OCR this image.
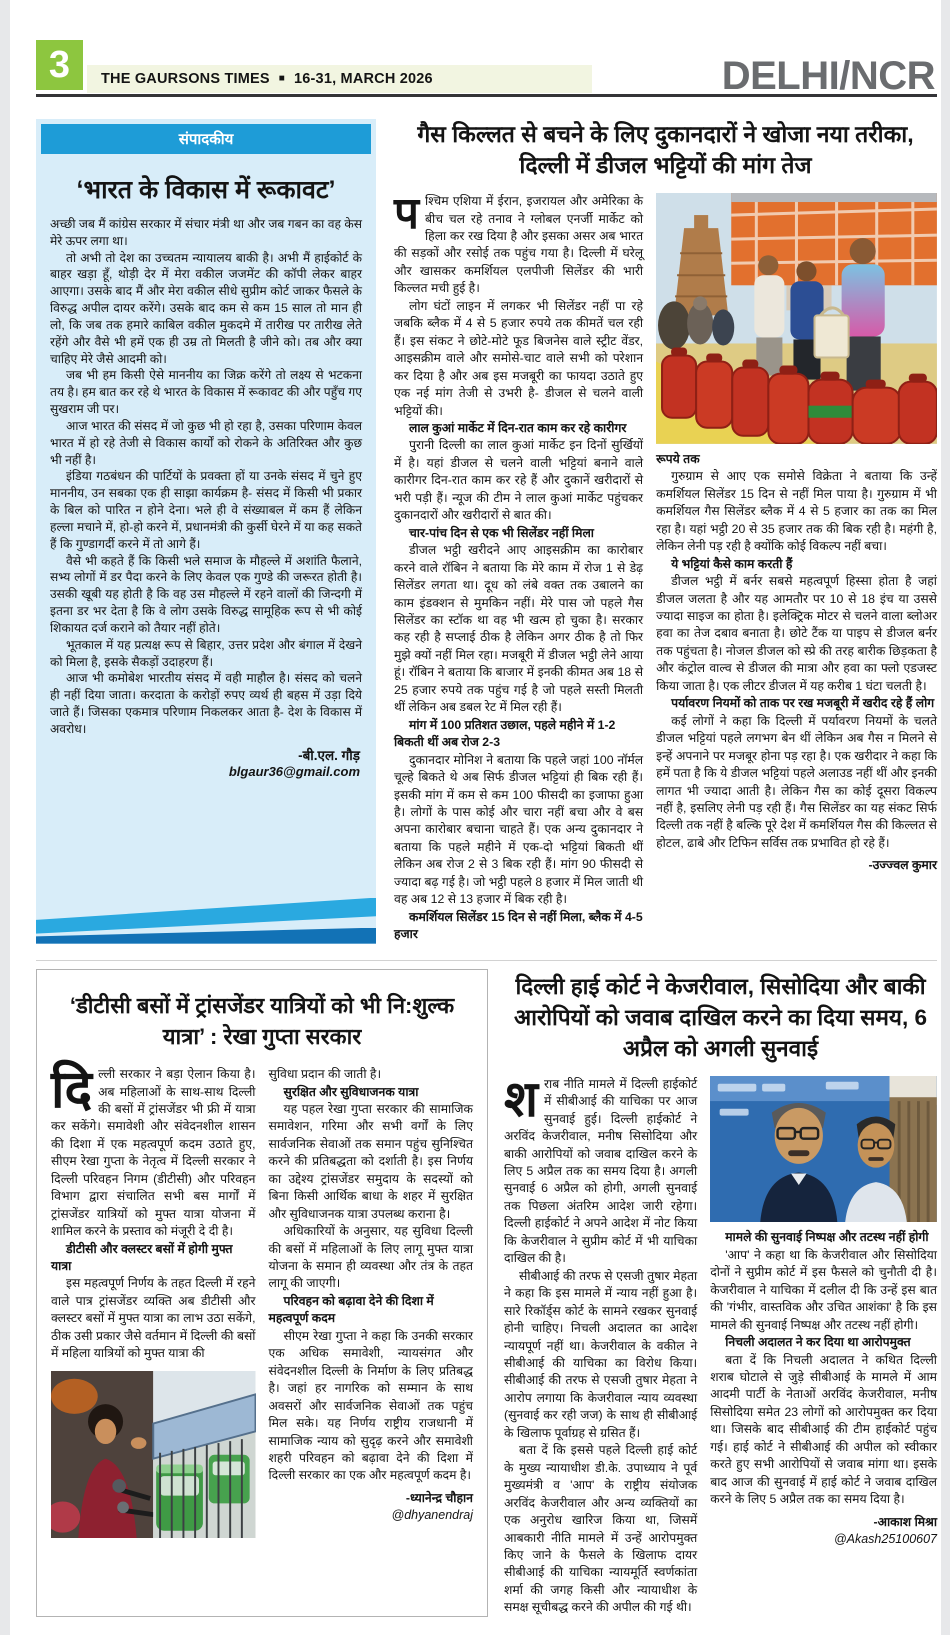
3	THE GAURSONS TIMES ■ 16-31, MARCH 2026	DELHI/NCR
संपादकीय
‘भारत के विकास में रूकावट’

अच्छी जब मैं कांग्रेस सरकार में संचार मंत्री था और जब गबन का वह केस मेरे ऊपर लगा था।

तो अभी तो देश का उच्चतम न्यायालय बाकी है। अभी मैं हाईकोर्ट के बाहर खड़ा हूँ, थोड़ी देर में मेरा वकील जजमेंट की कॉपी लेकर बाहर आएगा। उसके बाद मैं और मेरा वकील सीधे सुप्रीम कोर्ट जाकर फैसले के विरुद्ध अपील दायर करेंगे। उसके बाद कम से कम 15 साल तो मान ही लो, कि जब तक हमारे काबिल वकील मुकदमे में तारीख पर तारीख लेते रहेंगे और वैसे भी हमें एक ही उम्र तो मिलती है जीने को। तब और क्या चाहिए मेरे जैसे आदमी को।

जब भी हम किसी ऐसे माननीय का जिक्र करेंगे तो लक्ष्य से भटकना तय है। हम बात कर रहे थे भारत के विकास में रूकावट की और पहुँच गए सुखराम जी पर।

आज भारत की संसद में जो कुछ भी हो रहा है, उसका परिणाम केवल भारत में हो रहे तेजी से विकास कार्यों को रोकने के अतिरिक्त और कुछ भी नहीं है।

इंडिया गठबंधन की पार्टियों के प्रवक्ता हों या उनके संसद में चुने हुए माननीय, उन सबका एक ही साझा कार्यक्रम है- संसद में किसी भी प्रकार के बिल को पारित न होने देना। भले ही वे संख्याबल में कम हैं लेकिन हल्ला मचाने में, हो-हो करने में, प्रधानमंत्री की कुर्सी घेरने में या कह सकते हैं कि गुण्डागर्दी करने में तो आगे हैं।

वैसे भी कहते हैं कि किसी भले समाज के मौहल्ले में अशांति फैलाने, सभ्य लोगों में डर पैदा करने के लिए केवल एक गुण्डे की जरूरत होती है। उसकी खूबी यह होती है कि वह उस मौहल्ले में रहने वालों की जिन्दगी में इतना डर भर देता है कि वे लोग उसके विरुद्ध सामूहिक रूप से भी कोई शिकायत दर्ज कराने को तैयार नहीं होते।

भूतकाल में यह प्रत्यक्ष रूप से बिहार, उत्तर प्रदेश और बंगाल में देखने को मिला है, इसके सैकड़ों उदाहरण हैं।

आज भी कमोबेश भारतीय संसद में वही माहौल है। संसद को चलने ही नहीं दिया जाता। करदाता के करोड़ों रुपए व्यर्थ ही बहस में उड़ा दिये जाते हैं। जिसका एकमात्र परिणाम निकलकर आता है- देश के विकास में अवरोध।

-बी.एल. गौड़
blgaur36@gmail.com
गैस किल्लत से बचने के लिए दुकानदारों ने खोजा नया तरीका, दिल्ली में डीजल भट्टियों की मांग तेज

पश्चिम एशिया में ईरान, इजरायल और अमेरिका के बीच चल रहे तनाव ने ग्लोबल एनर्जी मार्केट को हिला कर रख दिया है और इसका असर अब भारत की सड़कों और रसोई तक पहुंच गया है। दिल्ली में घरेलू और खासकर कमर्शियल एलपीजी सिलेंडर की भारी किल्लत मची हुई है।

लोग घंटों लाइन में लगकर भी सिलेंडर नहीं पा रहे जबकि ब्लैक में 4 से 5 हजार रुपये तक कीमतें चल रही हैं। इस संकट ने छोटे-मोटे फूड बिजनेस वाले स्ट्रीट वेंडर, आइसक्रीम वाले और समोसे-चाट वाले सभी को परेशान कर दिया है और अब इस मजबूरी का फायदा उठाते हुए एक नई मांग तेजी से उभरी है- डीजल से चलने वाली भट्टियों की।

लाल कुआं मार्केट में दिन-रात काम कर रहे कारीगर

पुरानी दिल्ली का लाल कुआं मार्केट इन दिनों सुर्खियों में है। यहां डीजल से चलने वाली भट्टियां बनाने वाले कारीगर दिन-रात काम कर रहे हैं और दुकानें खरीदारों से भरी पड़ी हैं। न्यूज की टीम ने लाल कुआं मार्केट पहुंचकर दुकानदारों और खरीदारों से बात की।

चार-पांच दिन से एक भी सिलेंडर नहीं मिला

डीजल भट्ठी खरीदने आए आइसक्रीम का कारोबार करने वाले रॉबिन ने बताया कि मेरे काम में रोज 1 से डेढ़ सिलेंडर लगता था। दूध को लंबे वक्त तक उबालने का काम इंडक्शन से मुमकिन नहीं। मेरे पास जो पहले गैस सिलेंडर का स्टॉक था वह भी खत्म हो चुका है। सरकार कह रही है सप्लाई ठीक है लेकिन अगर ठीक है तो फिर मुझे क्यों नहीं मिल रहा। मजबूरी में डीजल भट्ठी लेने आया हूं। रॉबिन ने बताया कि बाजार में इनकी कीमत अब 18 से 25 हजार रुपये तक पहुंच गई है जो पहले सस्ती मिलती थीं लेकिन अब डबल रेट में मिल रही हैं।

मांग में 100 प्रतिशत उछाल, पहले महीने में 1-2 बिकती थीं अब रोज 2-3

दुकानदार मोनिश ने बताया कि पहले जहां 100 नॉर्मल चूल्हे बिकते थे अब सिर्फ डीजल भट्टियां ही बिक रही हैं। इसकी मांग में कम से कम 100 फीसदी का इजाफा हुआ है। लोगों के पास कोई और चारा नहीं बचा और वे बस अपना कारोबार बचाना चाहते हैं। एक अन्य दुकानदार ने बताया कि पहले महीने में एक-दो भट्टियां बिकती थीं लेकिन अब रोज 2 से 3 बिक रही हैं। मांग 90 फीसदी से ज्यादा बढ़ गई है। जो भट्ठी पहले 8 हजार में मिल जाती थी वह अब 12 से 13 हजार में बिक रही है।

कमर्शियल सिलेंडर 15 दिन से नहीं मिला, ब्लैक में 4-5 हजार

रूपये तक

गुरुग्राम से आए एक समोसे विक्रेता ने बताया कि उन्हें कमर्शियल सिलेंडर 15 दिन से नहीं मिल पाया है। गुरुग्राम में भी कमर्शियल गैस सिलेंडर ब्लैक में 4 से 5 हजार का तक का मिल रहा है। यहां भट्ठी 20 से 35 हजार तक की बिक रही है। महंगी है, लेकिन लेनी पड़ रही है क्योंकि कोई विकल्प नहीं बचा।

ये भट्टियां कैसे काम करती हैं

डीजल भट्ठी में बर्नर सबसे महत्वपूर्ण हिस्सा होता है जहां डीजल जलता है और यह आमतौर पर 10 से 18 इंच या उससे ज्यादा साइज का होता है। इलेक्ट्रिक मोटर से चलने वाला ब्लोअर हवा का तेज दबाव बनाता है। छोटे टैंक या पाइप से डीजल बर्नर तक पहुंचता है। नोजल डीजल को स्प्रे की तरह बारीक छिड़कता है और कंट्रोल वाल्व से डीजल की मात्रा और हवा का फ्लो एडजस्ट किया जाता है। एक लीटर डीजल में यह करीब 1 घंटा चलती है।

पर्यावरण नियमों को ताक पर रख मजबूरी में खरीद रहे हैं लोग

कई लोगों ने कहा कि दिल्ली में पर्यावरण नियमों के चलते डीजल भट्टियां पहले लगभग बेन थीं लेकिन अब गैस न मिलने से इन्हें अपनाने पर मजबूर होना पड़ रहा है। एक खरीदार ने कहा कि हमें पता है कि ये डीजल भट्टियां पहले अलाउड नहीं थीं और इनकी लागत भी ज्यादा आती है। लेकिन गैस का कोई दूसरा विकल्प नहीं है, इसलिए लेनी पड़ रही हैं। गैस सिलेंडर का यह संकट सिर्फ दिल्ली तक नहीं है बल्कि पूरे देश में कमर्शियल गैस की किल्लत से होटल, ढाबे और टिफिन सर्विस तक प्रभावित हो रहे हैं।

-उज्ज्वल कुमार
‘डीटीसी बसों में ट्रांसजेंडर यात्रियों को भी नि:शुल्क यात्रा’ : रेखा गुप्ता सरकार

दिल्ली सरकार ने बड़ा ऐलान किया है। अब महिलाओं के साथ-साथ दिल्ली की बसों में ट्रांसजेंडर भी फ्री में यात्रा कर सकेंगे। समावेशी और संवेदनशील शासन की दिशा में एक महत्वपूर्ण कदम उठाते हुए, सीएम रेखा गुप्ता के नेतृत्व में दिल्ली सरकार ने दिल्ली परिवहन निगम (डीटीसी) और परिवहन विभाग द्वारा संचालित सभी बस मार्गों में ट्रांसजेंडर यात्रियों को मुफ्त यात्रा योजना में शामिल करने के प्रस्ताव को मंजूरी दे दी है।

डीटीसी और क्लस्टर बसों में होगी मुफ्त यात्रा

इस महत्वपूर्ण निर्णय के तहत दिल्ली में रहने वाले पात्र ट्रांसजेंडर व्यक्ति अब डीटीसी और क्लस्टर बसों में मुफ्त यात्रा का लाभ उठा सकेंगे, ठीक उसी प्रकार जैसे वर्तमान में दिल्ली की बसों में महिला यात्रियों को मुफ्त यात्रा की

सुविधा प्रदान की जाती है।

सुरक्षित और सुविधाजनक यात्रा

यह पहल रेखा गुप्ता सरकार की सामाजिक समावेशन, गरिमा और सभी वर्गों के लिए सार्वजनिक सेवाओं तक समान पहुंच सुनिश्चित करने की प्रतिबद्धता को दर्शाती है। इस निर्णय का उद्देश्य ट्रांसजेंडर समुदाय के सदस्यों को बिना किसी आर्थिक बाधा के शहर में सुरक्षित और सुविधाजनक यात्रा उपलब्ध कराना है।

अधिकारियों के अनुसार, यह सुविधा दिल्ली की बसों में महिलाओं के लिए लागू मुफ्त यात्रा योजना के समान ही व्यवस्था और तंत्र के तहत लागू की जाएगी।

परिवहन को बढ़ावा देने की दिशा में महत्वपूर्ण कदम

सीएम रेखा गुप्ता ने कहा कि उनकी सरकार एक अधिक समावेशी, न्यायसंगत और संवेदनशील दिल्ली के निर्माण के लिए प्रतिबद्ध है। जहां हर नागरिक को सम्मान के साथ अवसरों और सार्वजनिक सेवाओं तक पहुंच मिल सके। यह निर्णय राष्ट्रीय राजधानी में सामाजिक न्याय को सुदृढ़ करने और समावेशी शहरी परिवहन को बढ़ावा देने की दिशा में दिल्ली सरकार का एक और महत्वपूर्ण कदम है।

-ध्यानेन्द्र चौहान
@dhyanendraj
दिल्ली हाई कोर्ट ने केजरीवाल, सिसोदिया और बाकी आरोपियों को जवाब दाखिल करने का दिया समय, 6 अप्रैल को अगली सुनवाई

शराब नीति मामले में दिल्ली हाईकोर्ट में सीबीआई की याचिका पर आज सुनवाई हुई। दिल्ली हाईकोर्ट ने अरविंद केजरीवाल, मनीष सिसोदिया और बाकी आरोपियों को जवाब दाखिल करने के लिए 5 अप्रैल तक का समय दिया है। अगली सुनवाई 6 अप्रैल को होगी, अगली सुनवाई तक पिछला अंतरिम आदेश जारी रहेगा। दिल्ली हाईकोर्ट ने अपने आदेश में नोट किया कि केजरीवाल ने सुप्रीम कोर्ट में भी याचिका दाखिल की है।

सीबीआई की तरफ से एसजी तुषार मेहता ने कहा कि इस मामले में न्याय नहीं हुआ है। सारे रिकॉर्ड्स कोर्ट के सामने रखकर सुनवाई होनी चाहिए। निचली अदालत का आदेश न्यायपूर्ण नहीं था। केजरीवाल के वकील ने सीबीआई की याचिका का विरोध किया। सीबीआई की तरफ से एसजी तुषार मेहता ने आरोप लगाया कि केजरीवाल न्याय व्यवस्था (सुनवाई कर रही जज) के साथ ही सीबीआई के खिलाफ पूर्वाग्रह से ग्रसित हैं।

बता दें कि इससे पहले दिल्ली हाई कोर्ट के मुख्य न्यायाधीश डी.के. उपाध्याय ने पूर्व मुख्यमंत्री व 'आप' के राष्ट्रीय संयोजक अरविंद केजरीवाल और अन्य व्यक्तियों का एक अनुरोध खारिज किया था, जिसमें आबकारी नीति मामले में उन्हें आरोपमुक्त किए जाने के फैसले के खिलाफ दायर सीबीआई की याचिका न्यायमूर्ति स्वर्णकांता शर्मा की जगह किसी और न्यायाधीश के समक्ष सूचीबद्ध करने की अपील की गई थी।

मामले की सुनवाई निष्पक्ष और तटस्थ नहीं होगी

'आप' ने कहा था कि केजरीवाल और सिसोदिया दोनों ने सुप्रीम कोर्ट में इस फैसले को चुनौती दी है। केजरीवाल ने याचिका में दलील दी कि उन्हें इस बात की 'गंभीर, वास्तविक और उचित आशंका' है कि इस मामले की सुनवाई निष्पक्ष और तटस्थ नहीं होगी।

निचली अदालत ने कर दिया था आरोपमुक्त

बता दें कि निचली अदालत ने कथित दिल्ली शराब घोटाले से जुड़े सीबीआई के मामले में आम आदमी पार्टी के नेताओं अरविंद केजरीवाल, मनीष सिसोदिया समेत 23 लोगों को आरोपमुक्त कर दिया था। जिसके बाद सीबीआई की टीम हाईकोर्ट पहुंच गई। हाई कोर्ट ने सीबीआई की अपील को स्वीकार करते हुए सभी आरोपियों से जवाब मांगा था। इसके बाद आज की सुनवाई में हाई कोर्ट ने जवाब दाखिल करने के लिए 5 अप्रैल तक का समय दिया है।

-आकाश मिश्रा
@Akash25100607
